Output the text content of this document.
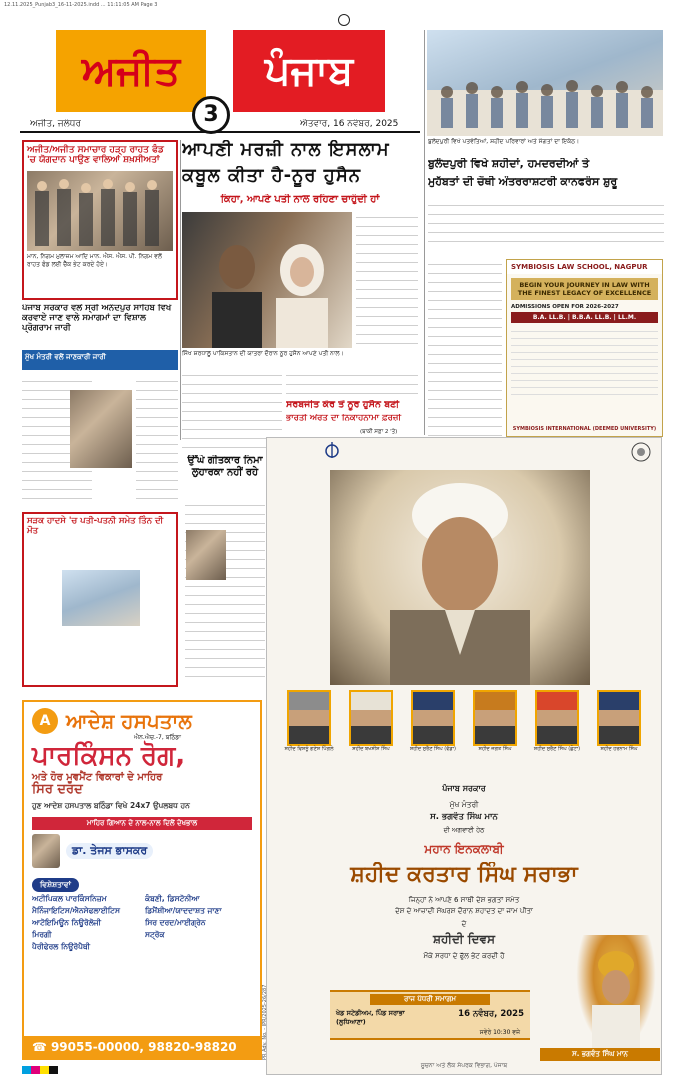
12.11.2025_Punjab3_16-11-2025.indd ... 11:11:05 AM Page 3
ਅਜੀਤ	ਪੰਜਾਬ
3
ਅਜੀਤ, ਜਲੰਧਰ	ਐਤਵਾਰ, 16 ਨਵੰਬਰ, 2025
ਬੁਲੰਦਪੁਰੀ ਵਿਖੇ ਪਤਵੰਤਿਆਂ, ਸ਼ਹੀਦ ਪਰਿਵਾਰਾਂ ਅਤੇ ਸੰਗਤਾਂ ਦਾ ਇਕੱਠ।
ਬੁਲੰਦਪੁਰੀ ਵਿਖੇ ਸ਼ਹੀਦਾਂ, ਹਮਦਰਦੀਆਂ ਤੇ
ਮੁਹੱਬਤਾਂ ਦੀ ਚੌਥੀ ਅੰਤਰਰਾਸ਼ਟਰੀ ਕਾਨਫਰੰਸ ਸ਼ੁਰੂ
SYMBIOSIS LAW SCHOOL, NAGPUR
BEGIN YOUR JOURNEY IN LAW WITH
THE FINEST LEGACY OF EXCELLENCE
ADMISSIONS OPEN FOR 2026-2027
B.A. LL.B. | B.B.A. LL.B. | LL.M.
SYMBIOSIS INTERNATIONAL (DEEMED UNIVERSITY)
ਅਜੀਤ/ਅਜੀਤ ਸਮਾਚਾਰ ਹੜ੍ਹ ਰਾਹਤ ਫੰਡ 'ਚ ਯੋਗਦਾਨ ਪਾਉਣ ਵਾਲਿਆਂ ਸ਼ਖ਼ਸੀਅਤਾਂ
ਮਾਨ, ਨਿਗਮ ਮੁਲਾਜ਼ਮ ਆਦਿ ਮਾਨ. ਐਸ. ਐਸ. ਪੀ. ਨਿਗਮ ਵਲੋਂ ਰਾਹਤ ਫੰਡ ਲਈ ਚੈੱਕ ਭੇਟ ਕਰਦੇ ਹੋਏ।
ਪੰਜਾਬ ਸਰਕਾਰ ਵਲੋਂ ਸ੍ਰੀ ਅਨੰਦਪੁਰ ਸਾਹਿਬ ਵਿਖੇ ਕਰਵਾਏ ਜਾਣ ਵਾਲੇ ਸਮਾਗਮਾਂ ਦਾ ਵਿਸ਼ਾਲ ਪ੍ਰੋਗਰਾਮ ਜਾਰੀ
ਮੁੱਖ ਮੰਤਰੀ ਵਲੋਂ ਜਾਣਕਾਰੀ ਜਾਰੀ
ਆਪਣੀ ਮਰਜ਼ੀ ਨਾਲ ਇਸਲਾਮ
ਕਬੂਲ ਕੀਤਾ ਹੈ-ਨੂਰ ਹੁਸੈਨ
ਕਿਹਾ, ਆਪਣੇ ਪਤੀ ਨਾਲ ਰਹਿਣਾ ਚਾਹੁੰਦੀ ਹਾਂ
ਸਿੱਖ ਸ਼ਰਧਾਲੂ ਪਾਕਿਸਤਾਨ ਦੀ ਯਾਤਰਾ ਦੌਰਾਨ ਨੂਰ ਹੁਸੈਨ ਆਪਣੇ ਪਤੀ ਨਾਲ।
ਸਰਬਜੀਤ ਕੌਰ ਤੋਂ ਨੂਰ ਹੁਸੈਨ ਬਣੀ
ਭਾਰਤੀ ਔਰਤ ਦਾ ਨਿਕਾਹਨਾਮਾ ਫ਼ਰਜ਼ੀ
(ਬਾਕੀ ਸਫ਼ਾ 2 'ਤੇ)
ਉੱਘੇ ਗੀਤਕਾਰ ਨਿਮਾ ਲੁਹਾਰਕਾ ਨਹੀਂ ਰਹੇ
ਸੜਕ ਹਾਦਸੇ 'ਚ ਪਤੀ-ਪਤਨੀ ਸਮੇਤ ਤਿੰਨ ਦੀ ਮੌਤ
A ਆਦੇਸ਼ ਹਸਪਤਾਲ
ਐਨ.ਐਚ.-7, ਬਠਿੰਡਾ
ਪਾਰਕਿੰਸਨ ਰੋਗ,
ਅਤੇ ਹੋਰ ਮੂਵਮੈਂਟ ਵਿਕਾਰਾਂ ਦੇ ਮਾਹਿਰ
ਸਿਰ ਦਰਦ
ਹੁਣ ਆਦੇਸ਼ ਹਸਪਤਾਲ ਬਠਿੰਡਾ ਵਿਖੇ 24x7 ਉਪਲਬਧ ਹਨ
ਮਾਹਿਰ ਗਿਆਨ ਦੇ ਨਾਲ-ਨਾਲ ਦਿਲੋਂ ਦੇਖਭਾਲ
ਡਾ. ਤੇਜਸ ਭਾਸਕਰ
ਵਿਸ਼ੇਸ਼ਤਾਵਾਂ
ਅਟੀਪਿਕਲ ਪਾਰਕਿੰਸਨਿਜ਼ਮ	ਕੰਬਣੀ, ਡਿਸਟੋਨੀਆ
ਮੈਨਿੰਜਾਇਟਿਸ/ਐਨਸੇਫਲਾਈਟਿਸ	ਡਿਮੈਂਸ਼ੀਆ/ਯਾਦਦਾਸ਼ਤ ਜਾਣਾ
ਆਟੋਇਮਿਊਨ ਨਿਊਰੋਲੋਜੀ	ਸਿਰ ਦਰਦ/ਮਾਈਗ੍ਰੇਨ
ਮਿਰਗੀ	ਸਟ੍ਰੋਕ
ਪੈਰੀਫੇਰਲ ਨਿਊਰੋਪੈਥੀ
☎ 99055-00000, 98820-98820
ਸ਼ਹੀਦ ਵਿਸ਼ਨੂੰ ਗਣੇਸ਼ ਪਿੰਗਲੇ	ਸ਼ਹੀਦ ਬਖਸ਼ੀਸ਼ ਸਿੰਘ	ਸ਼ਹੀਦ ਸੁਰੈਣ ਸਿੰਘ (ਵੱਡਾ)	ਸ਼ਹੀਦ ਜਗਤ ਸਿੰਘ	ਸ਼ਹੀਦ ਸੁਰੈਣ ਸਿੰਘ (ਛੋਟਾ)	ਸ਼ਹੀਦ ਹਰਨਾਮ ਸਿੰਘ
ਪੰਜਾਬ ਸਰਕਾਰ
ਮੁੱਖ ਮੰਤਰੀ
ਸ. ਭਗਵੰਤ ਸਿੰਘ ਮਾਨ
ਦੀ ਅਗਵਾਈ ਹੇਠ
ਮਹਾਨ ਇਨਕਲਾਬੀ
ਸ਼ਹੀਦ ਕਰਤਾਰ ਸਿੰਘ ਸਰਾਭਾ
ਜਿਨ੍ਹਾਂ ਨੇ ਆਪਣੇ 6 ਸਾਥੀ ਦੇਸ਼ ਭਗਤਾਂ ਸਮੇਤ
ਦੇਸ਼ ਦੇ ਆਜ਼ਾਦੀ ਸੰਘਰਸ਼ ਦੌਰਾਨ ਸ਼ਹਾਦਤ ਦਾ ਜਾਮ ਪੀਤਾ
ਦੇ
ਸ਼ਹੀਦੀ ਦਿਵਸ
ਮੌਕੇ ਸਰਧਾ ਦੇ ਫੁੱਲ ਭੇਟ ਕਰਦੀ ਹੈ
ਸ. ਭਗਵੰਤ ਸਿੰਘ ਮਾਨ
ਰਾਜ ਪੱਧਰੀ ਸਮਾਗਮ
ਖੇਡ ਸਟੇਡੀਅਮ, ਪਿੰਡ ਸਰਾਭਾ (ਲੁਧਿਆਣਾ)
16 ਨਵੰਬਰ, 2025
ਸਵੇਰੇ 10:30 ਵਜੇ
ਸੂਚਨਾ ਅਤੇ ਲੋਕ ਸੰਪਰਕ ਵਿਭਾਗ, ਪੰਜਾਬ
PR Adv. No. - IPR/2025-26/287
